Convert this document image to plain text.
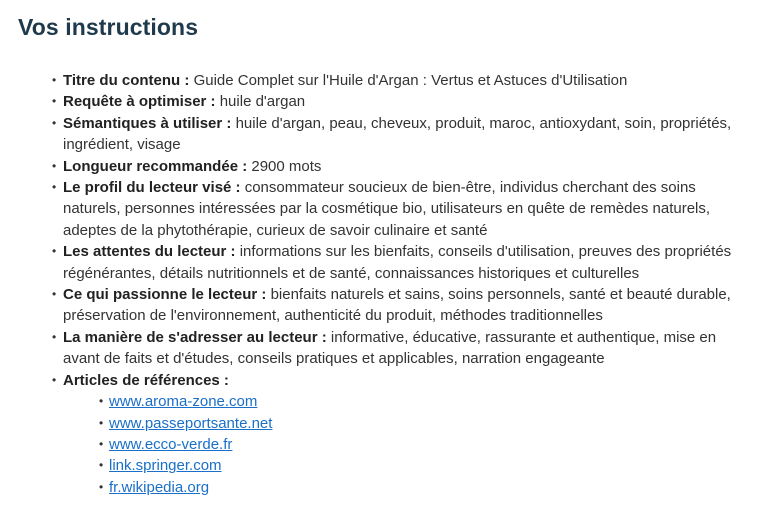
Vos instructions
• Titre du contenu : Guide Complet sur l'Huile d'Argan : Vertus et Astuces d'Utilisation
• Requête à optimiser : huile d'argan
• Sémantiques à utiliser : huile d'argan, peau, cheveux, produit, maroc, antioxydant, soin, propriétés, ingrédient, visage
• Longueur recommandée : 2900 mots
• Le profil du lecteur visé : consommateur soucieux de bien-être, individus cherchant des soins naturels, personnes intéressées par la cosmétique bio, utilisateurs en quête de remèdes naturels, adeptes de la phytothérapie, curieux de savoir culinaire et santé
• Les attentes du lecteur : informations sur les bienfaits, conseils d'utilisation, preuves des propriétés régénérantes, détails nutritionnels et de santé, connaissances historiques et culturelles
• Ce qui passionne le lecteur : bienfaits naturels et sains, soins personnels, santé et beauté durable, préservation de l'environnement, authenticité du produit, méthodes traditionnelles
• La manière de s'adresser au lecteur : informative, éducative, rassurante et authentique, mise en avant de faits et d'études, conseils pratiques et applicables, narration engageante
• Articles de références :
• www.aroma-zone.com
• www.passeportsante.net
• www.ecco-verde.fr
• link.springer.com
• fr.wikipedia.org
